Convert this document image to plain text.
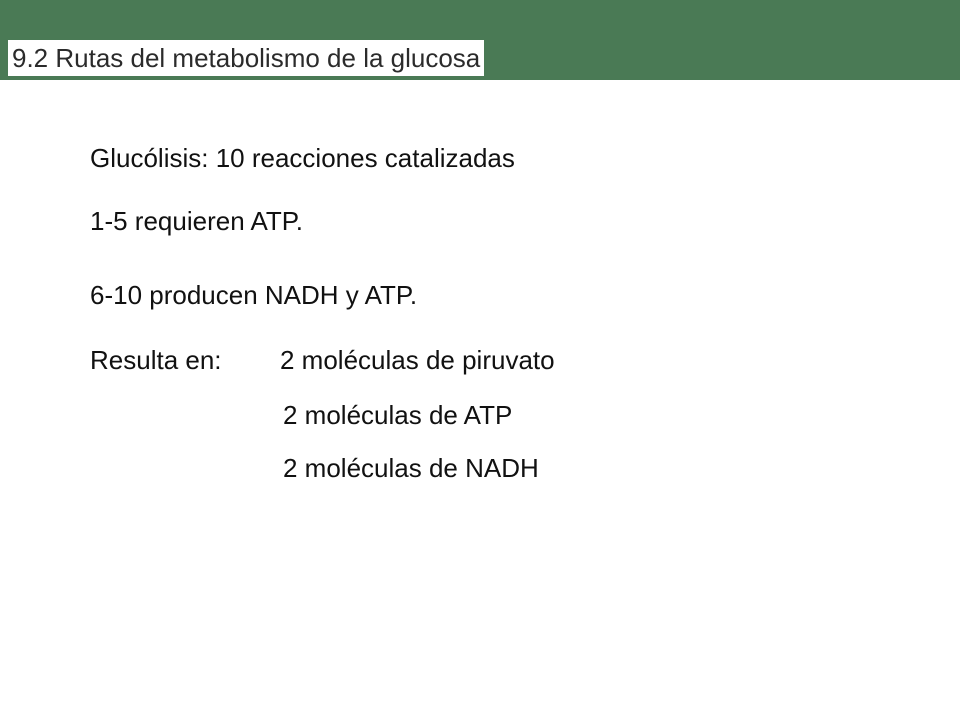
9.2 Rutas del metabolismo de la glucosa
Glucólisis: 10 reacciones catalizadas
1-5 requieren ATP.
6-10 producen NADH y ATP.
Resulta en: 2 moléculas de piruvato
2 moléculas de ATP
2 moléculas de NADH
